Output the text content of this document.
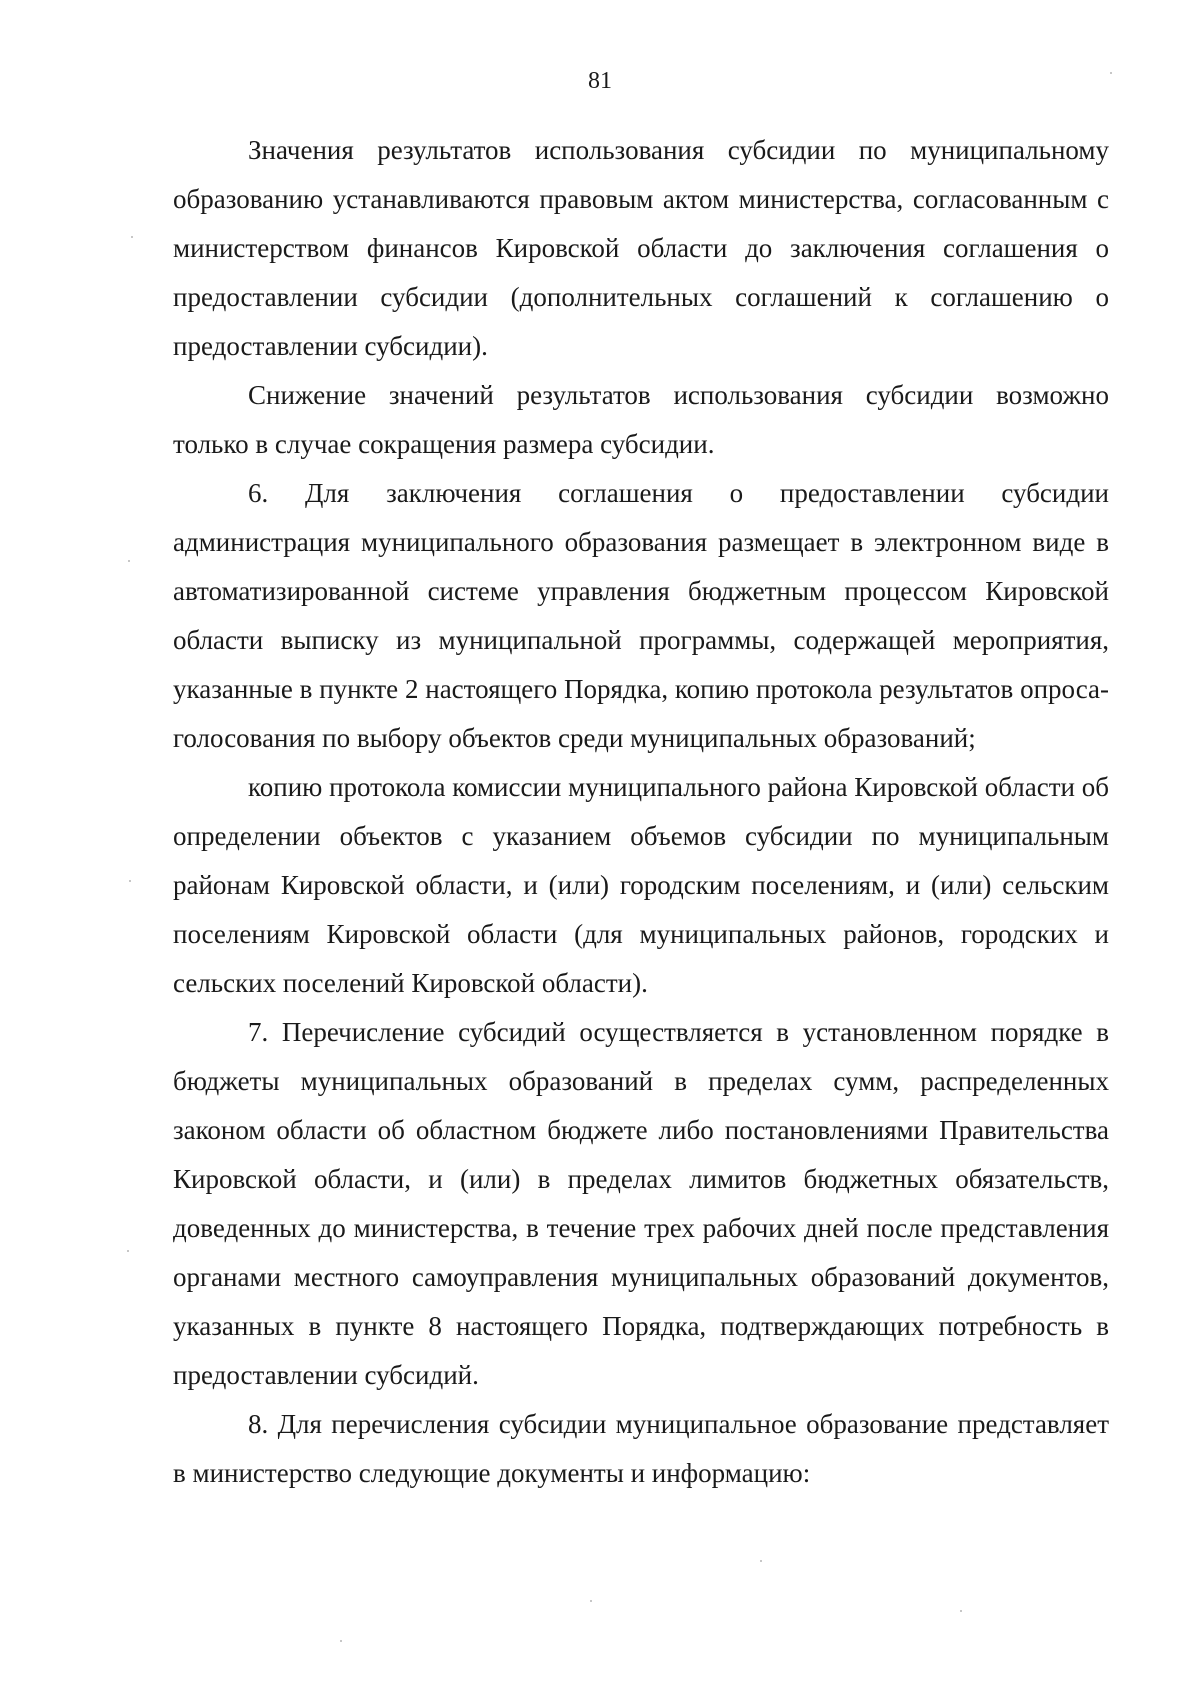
81

Значения результатов использования субсидии по муниципальному образованию устанавливаются правовым актом министерства, согласованным с министерством финансов Кировской области до заключения соглашения о предоставлении субсидии (дополнительных соглашений к соглашению о предоставлении субсидии).

Снижение значений результатов использования субсидии возможно только в случае сокращения размера субсидии.

6. Для заключения соглашения о предоставлении субсидии администрация муниципального образования размещает в электронном виде в автоматизированной системе управления бюджетным процессом Кировской области выписку из муниципальной программы, содержащей мероприятия, указанные в пункте 2 настоящего Порядка, копию протокола результатов опроса-голосования по выбору объектов среди муниципальных образований;

копию протокола комиссии муниципального района Кировской области об определении объектов с указанием объемов субсидии по муниципальным районам Кировской области, и (или) городским поселениям, и (или) сельским поселениям Кировской области (для муниципальных районов, городских и сельских поселений Кировской области).

7. Перечисление субсидий осуществляется в установленном порядке в бюджеты муниципальных образований в пределах сумм, распределенных законом области об областном бюджете либо постановлениями Правительства Кировской области, и (или) в пределах лимитов бюджетных обязательств, доведенных до министерства, в течение трех рабочих дней после представления органами местного самоуправления муниципальных образований документов, указанных в пункте 8 настоящего Порядка, подтверждающих потребность в предоставлении субсидий.

8. Для перечисления субсидии муниципальное образование представляет в министерство следующие документы и информацию:
